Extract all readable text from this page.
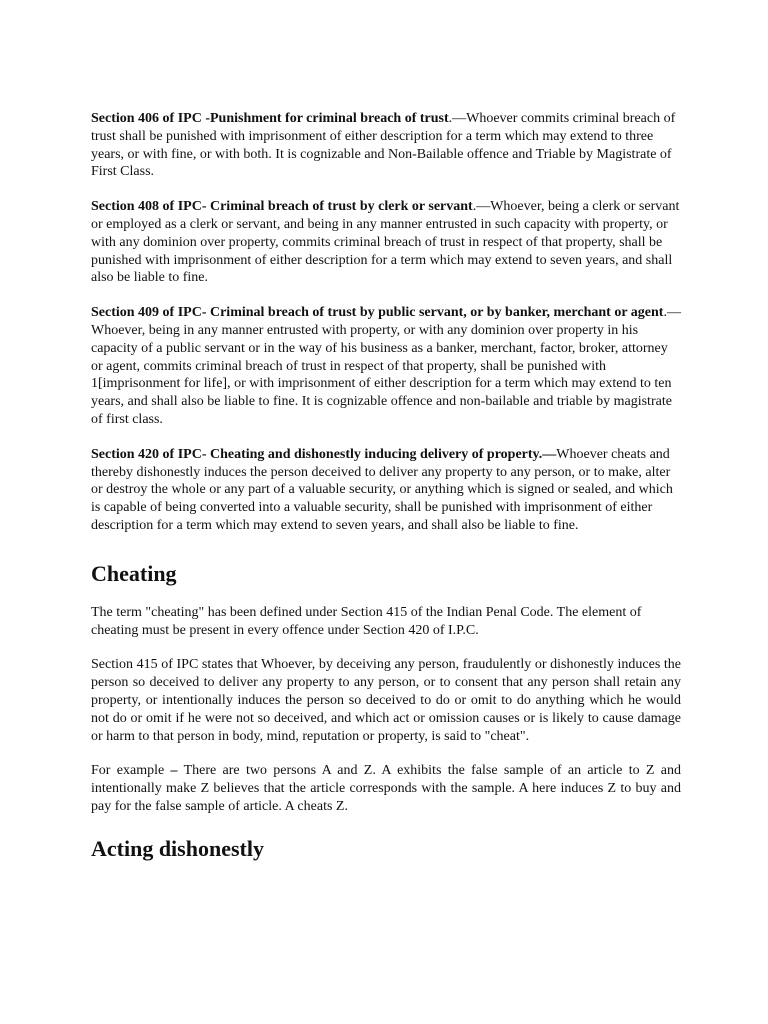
Section 406 of IPC -Punishment for criminal breach of trust.—Whoever commits criminal breach of trust shall be punished with imprisonment of either description for a term which may extend to three years, or with fine, or with both. It is cognizable and Non-Bailable offence and Triable by Magistrate of First Class.

Section 408 of IPC- Criminal breach of trust by clerk or servant.—Whoever, being a clerk or servant or employed as a clerk or servant, and being in any manner entrusted in such capacity with property, or with any dominion over property, commits criminal breach of trust in respect of that property, shall be punished with imprisonment of either description for a term which may extend to seven years, and shall also be liable to fine.

Section 409 of IPC- Criminal breach of trust by public servant, or by banker, merchant or agent.—Whoever, being in any manner entrusted with property, or with any dominion over property in his capacity of a public servant or in the way of his business as a banker, merchant, factor, broker, attorney or agent, commits criminal breach of trust in respect of that property, shall be punished with 1[imprisonment for life], or with imprisonment of either description for a term which may extend to ten years, and shall also be liable to fine. It is cognizable offence and non-bailable and triable by magistrate of first class.

Section 420 of IPC- Cheating and dishonestly inducing delivery of property.—Whoever cheats and thereby dishonestly induces the person deceived to deliver any property to any person, or to make, alter or destroy the whole or any part of a valuable security, or anything which is signed or sealed, and which is capable of being converted into a valuable security, shall be punished with imprisonment of either description for a term which may extend to seven years, and shall also be liable to fine.

Cheating

The term "cheating" has been defined under Section 415 of the Indian Penal Code. The element of cheating must be present in every offence under Section 420 of I.P.C.

Section 415 of IPC states that Whoever, by deceiving any person, fraudulently or dishonestly induces the person so deceived to deliver any property to any person, or to consent that any person shall retain any property, or intentionally induces the person so deceived to do or omit to do anything which he would not do or omit if he were not so deceived, and which act or omission causes or is likely to cause damage or harm to that person in body, mind, reputation or property, is said to "cheat".

For example – There are two persons A and Z. A exhibits the false sample of an article to Z and intentionally make Z believes that the article corresponds with the sample. A here induces Z to buy and pay for the false sample of article. A cheats Z.

Acting dishonestly
